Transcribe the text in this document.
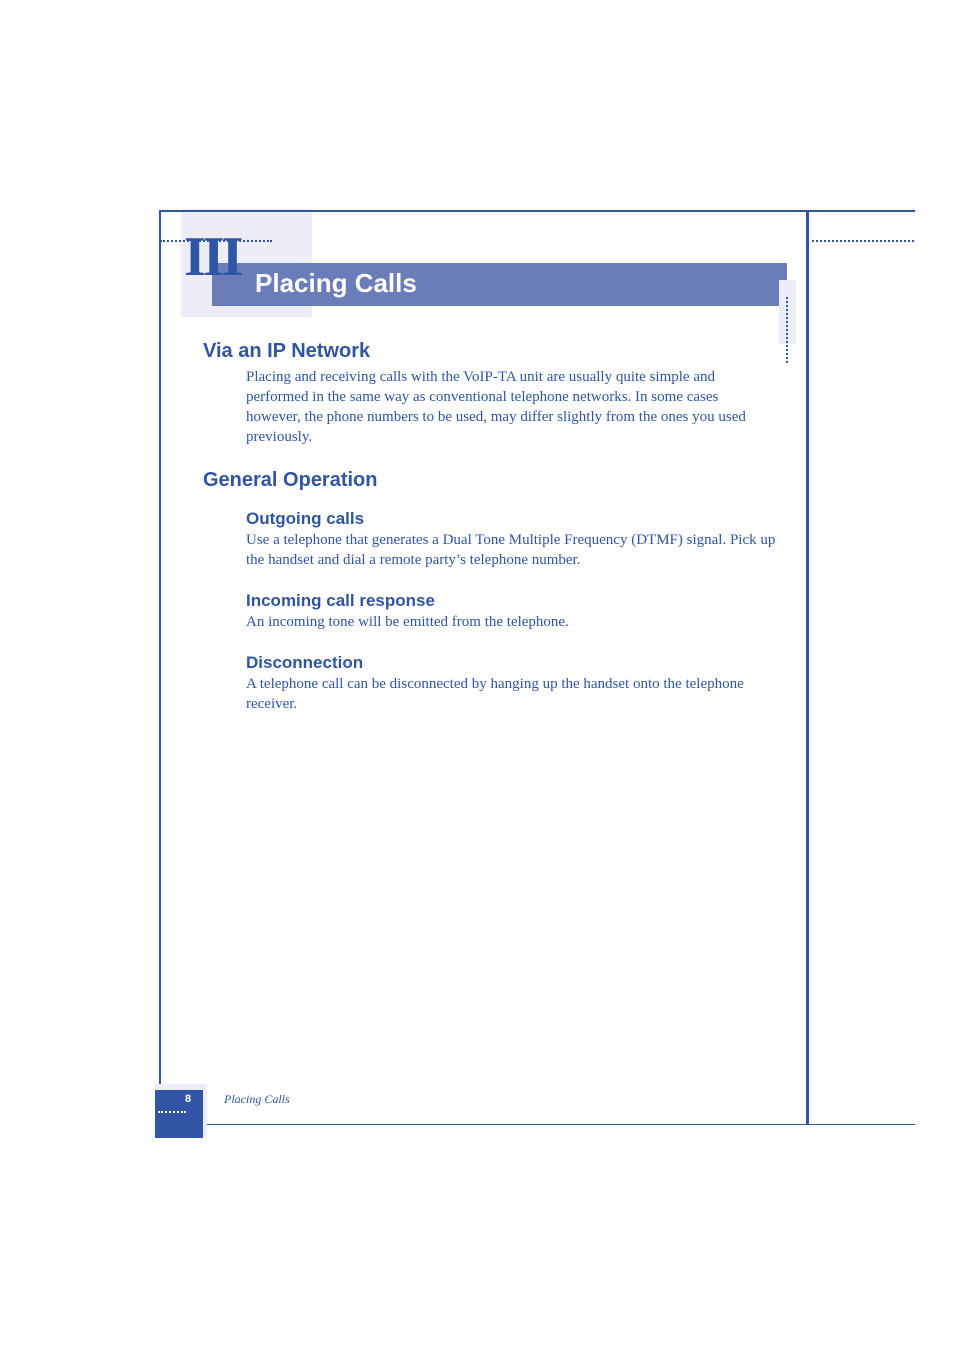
III Placing Calls
Via an IP Network

Placing and receiving calls with the VoIP-TA unit are usually quite simple and performed in the same way as conventional telephone networks. In some cases however, the phone numbers to be used, may differ slightly from the ones you used previously.

General Operation
Outgoing calls

Use a telephone that generates a Dual Tone Multiple Frequency (DTMF) signal. Pick up the handset and dial a remote party’s telephone number.

Incoming call response

An incoming tone will be emitted from the telephone.

Disconnection

A telephone call can be disconnected by hanging up the handset onto the telephone receiver.

8	Placing Calls
